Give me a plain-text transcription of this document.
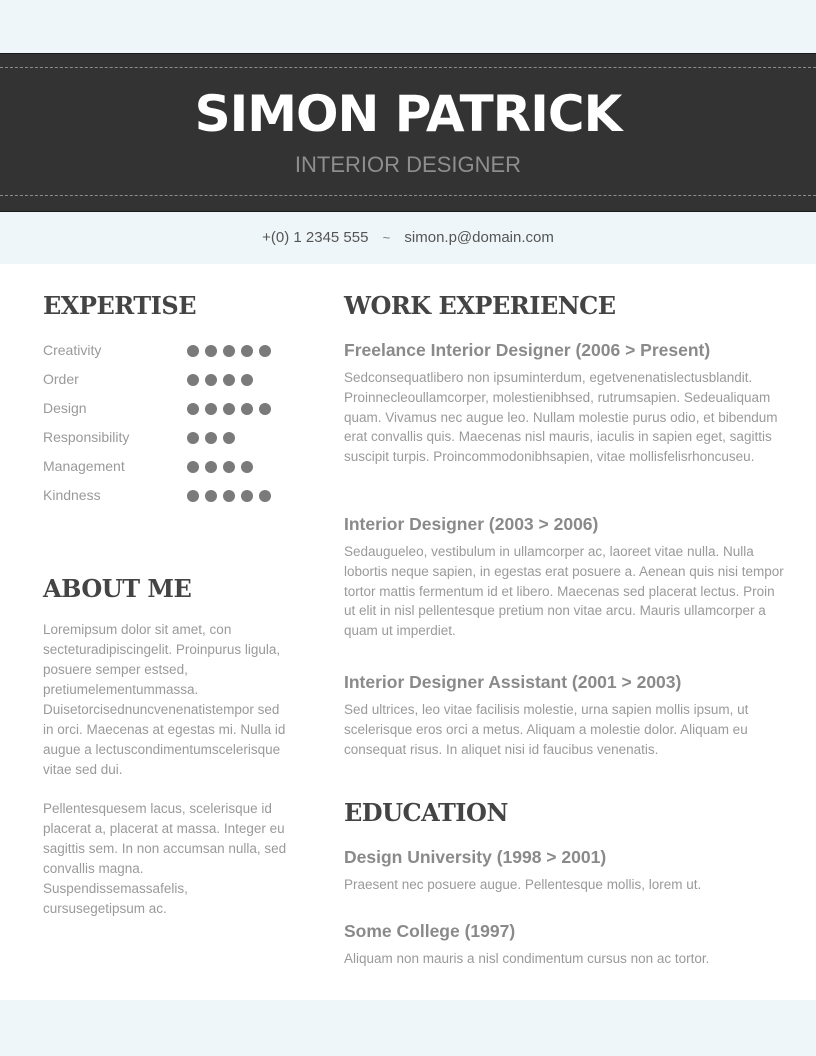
SIMON PATRICK
INTERIOR DESIGNER
+(0) 1 2345 555 ~ simon.p@domain.com
EXPERTISE
Creativity
Order
Design
Responsibility
Management
Kindness
ABOUT ME

Loremipsum dolor sit amet, con secteturadipiscingelit. Proinpurus ligula, posuere semper estsed, pretiumelementummassa. Duisetorcisednuncvenenatistempor sed in orci. Maecenas at egestas mi. Nulla id augue a lectuscondimentumscelerisque vitae sed dui.

Pellentesquesem lacus, scelerisque id placerat a, placerat at massa. Integer eu sagittis sem. In non accumsan nulla, sed convallis magna. Suspendissemassafelis, cursusegetipsum ac.

WORK EXPERIENCE
Freelance Interior Designer (2006 > Present)

Sedconsequatlibero non ipsuminterdum, egetvenenatislectusblandit. Proinnecleoullamcorper, molestienibhsed, rutrumsapien. Sedeualiquam quam. Vivamus nec augue leo. Nullam molestie purus odio, et bibendum erat convallis quis. Maecenas nisl mauris, iaculis in sapien eget, sagittis suscipit turpis. Proincommodonibhsapien, vitae mollisfelisrhoncuseu.

Interior Designer (2003 > 2006)

Sedaugueleo, vestibulum in ullamcorper ac, laoreet vitae nulla. Nulla lobortis neque sapien, in egestas erat posuere a. Aenean quis nisi tempor tortor mattis fermentum id et libero. Maecenas sed placerat lectus. Proin ut elit in nisl pellentesque pretium non vitae arcu. Mauris ullamcorper a quam ut imperdiet.

Interior Designer Assistant (2001 > 2003)

Sed ultrices, leo vitae facilisis molestie, urna sapien mollis ipsum, ut scelerisque eros orci a metus. Aliquam a molestie dolor. Aliquam eu consequat risus. In aliquet nisi id faucibus venenatis.

EDUCATION
Design University (1998 > 2001)

Praesent nec posuere augue. Pellentesque mollis, lorem ut.

Some College (1997)

Aliquam non mauris a nisl condimentum cursus non ac tortor.
